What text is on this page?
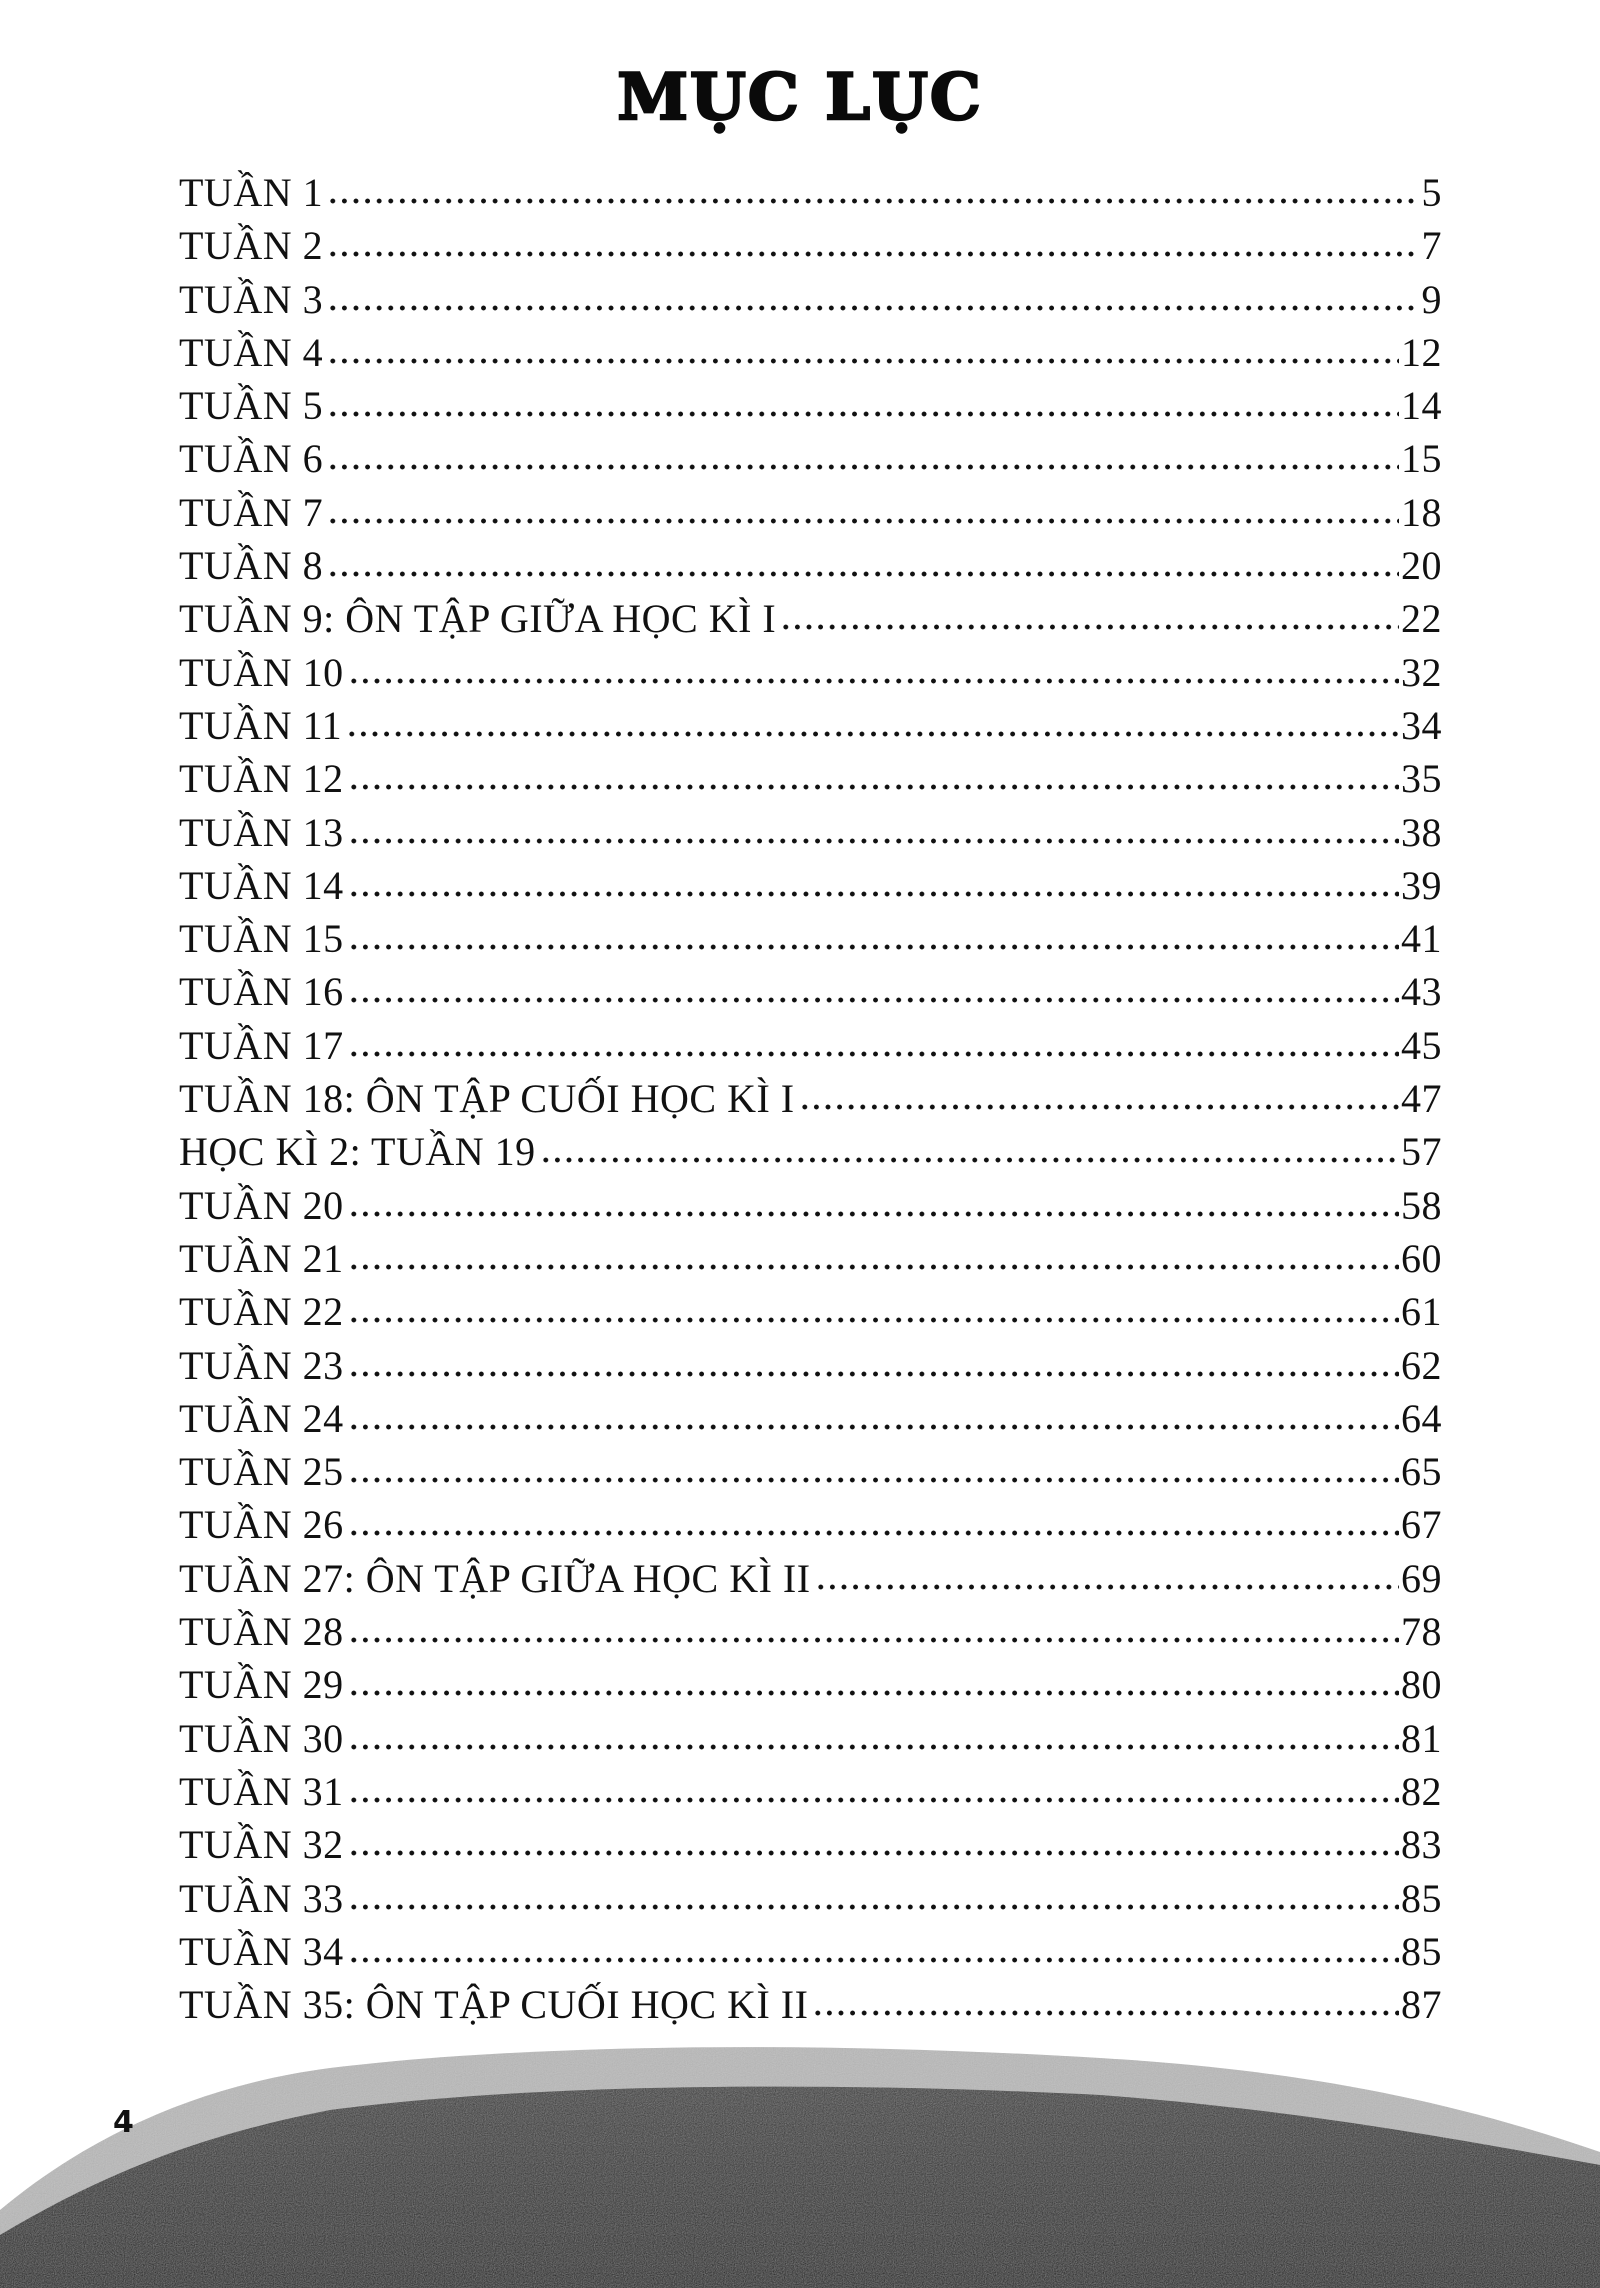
MỤC LỤC
TUẦN 1	5
TUẦN 2	7
TUẦN 3	9
TUẦN 4	12
TUẦN 5	14
TUẦN 6	15
TUẦN 7	18
TUẦN 8	20
TUẦN 9: ÔN TẬP GIỮA HỌC KÌ I	22
TUẦN 10	32
TUẦN 11	34
TUẦN 12	35
TUẦN 13	38
TUẦN 14	39
TUẦN 15	41
TUẦN 16	43
TUẦN 17	45
TUẦN 18: ÔN TẬP CUỐI HỌC KÌ I	47
HỌC KÌ 2: TUẦN 19	57
TUẦN 20	58
TUẦN 21	60
TUẦN 22	61
TUẦN 23	62
TUẦN 24	64
TUẦN 25	65
TUẦN 26	67
TUẦN 27: ÔN TẬP GIỮA HỌC KÌ II	69
TUẦN 28	78
TUẦN 29	80
TUẦN 30	81
TUẦN 31	82
TUẦN 32	83
TUẦN 33	85
TUẦN 34	85
TUẦN 35: ÔN TẬP CUỐI HỌC KÌ II	87
4
